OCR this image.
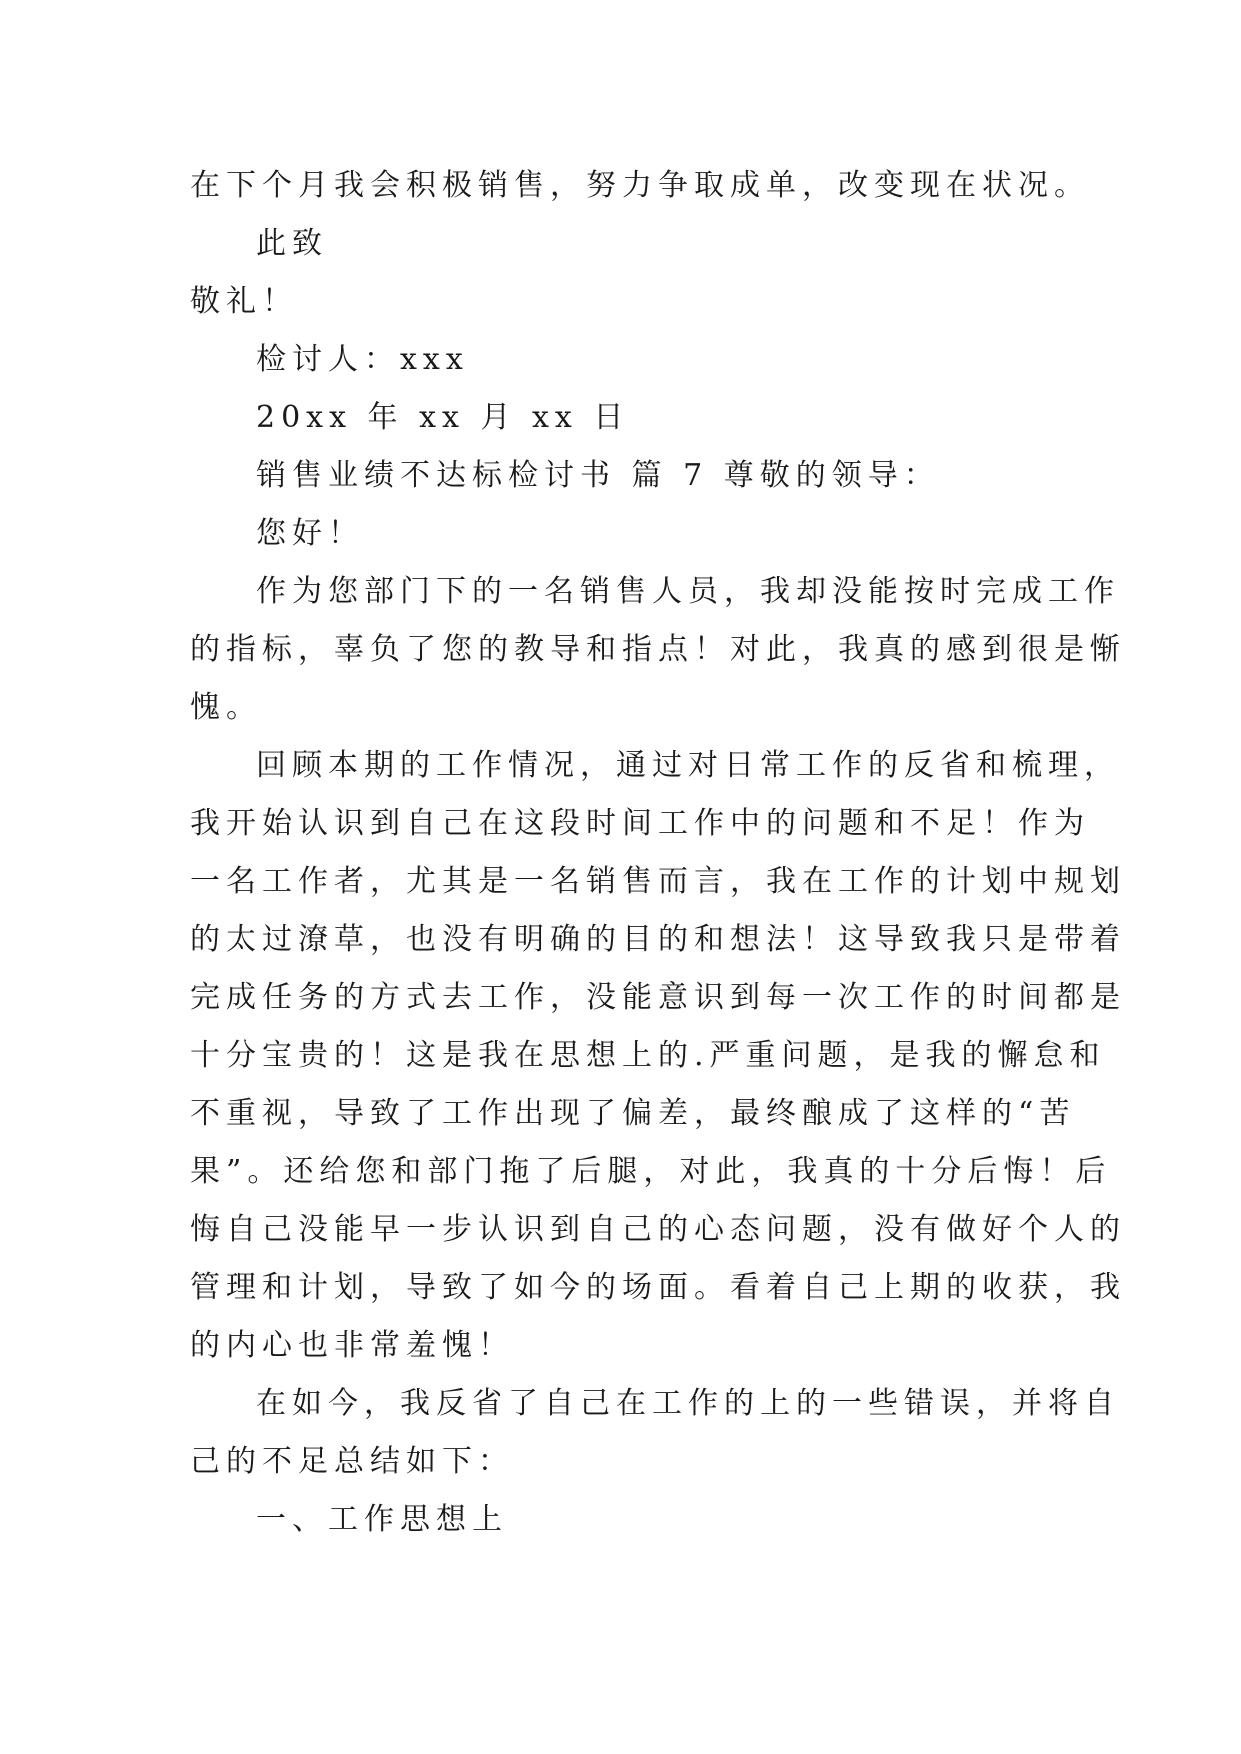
在下个月我会积极销售，努力争取成单，改变现在状况。

此致

敬礼！

检讨人：xxx

20xx 年 xx 月 xx 日

销售业绩不达标检讨书 篇 7 尊敬的领导：

您好！

作为您部门下的一名销售人员，我却没能按时完成工作

的指标，辜负了您的教导和指点！对此，我真的感到很是惭

愧。

回顾本期的工作情况，通过对日常工作的反省和梳理，

我开始认识到自己在这段时间工作中的问题和不足！作为

一名工作者，尤其是一名销售而言，我在工作的计划中规划

的太过潦草，也没有明确的目的和想法！这导致我只是带着

完成任务的方式去工作，没能意识到每一次工作的时间都是

十分宝贵的！这是我在思想上的.严重问题，是我的懈怠和

不重视，导致了工作出现了偏差，最终酿成了这样的“苦

果”。还给您和部门拖了后腿，对此，我真的十分后悔！后

悔自己没能早一步认识到自己的心态问题，没有做好个人的

管理和计划，导致了如今的场面。看着自己上期的收获，我

的内心也非常羞愧！

在如今，我反省了自己在工作的上的一些错误，并将自

己的不足总结如下：

一、工作思想上
